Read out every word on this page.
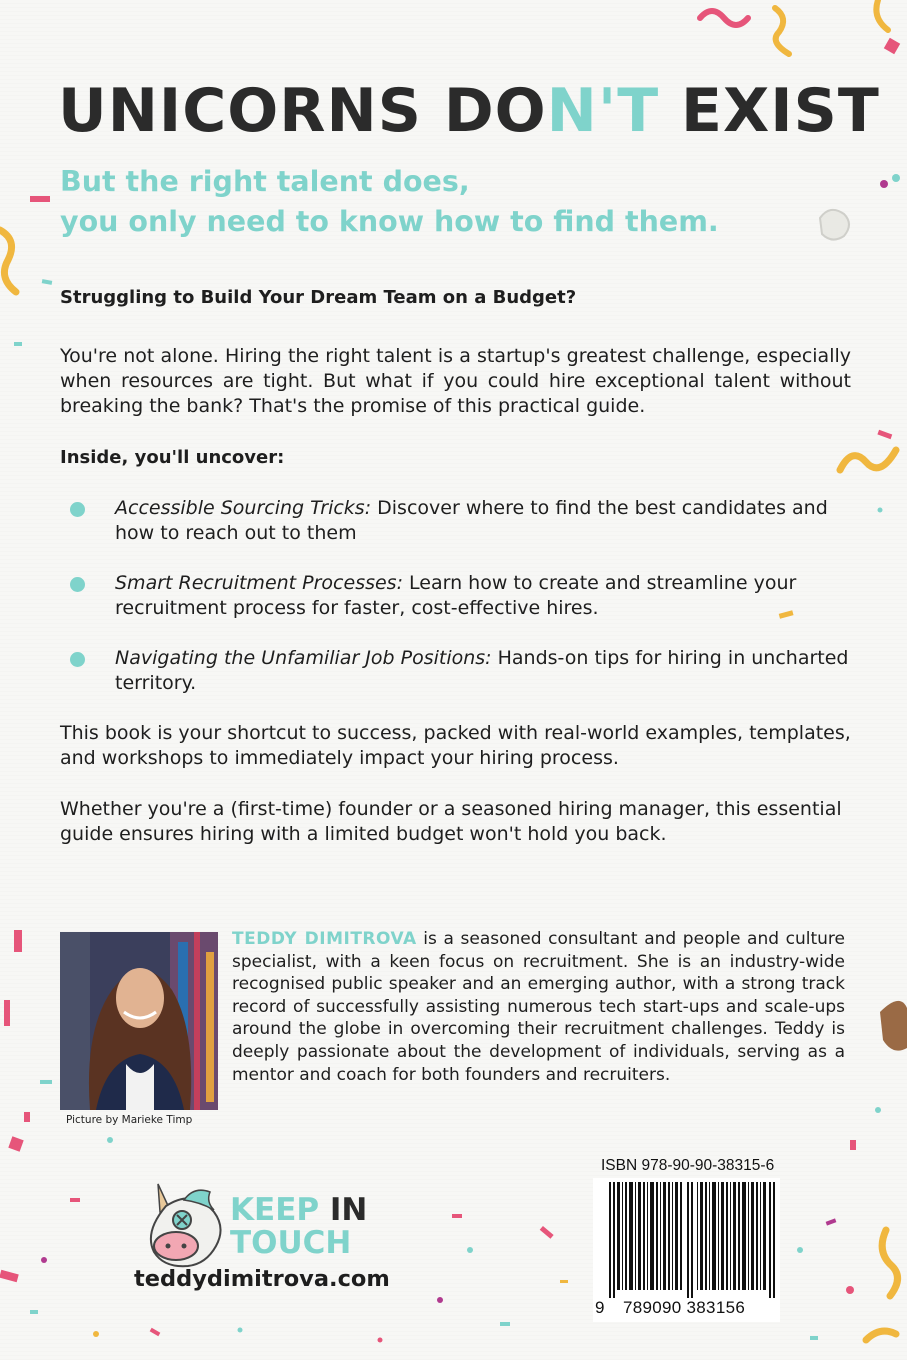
UNICORNS DON'T EXIST
But the right talent does,
you only need to know how to find them.

Struggling to Build Your Dream Team on a Budget?

You're not alone. Hiring the right talent is a startup's greatest challenge, especially when resources are tight. But what if you could hire exceptional talent without breaking the bank? That's the promise of this practical guide.

Inside, you'll uncover:

Accessible Sourcing Tricks: Discover where to find the best candidates and how to reach out to them
Smart Recruitment Processes: Learn how to create and streamline your recruitment process for faster, cost-effective hires.
Navigating the Unfamiliar Job Positions: Hands-on tips for hiring in uncharted territory.

This book is your shortcut to success, packed with real-world examples, templates, and workshops to immediately impact your hiring process.

Whether you're a (first-time) founder or a seasoned hiring manager, this essential guide ensures hiring with a limited budget won't hold you back.

Picture by Marieke Timp

TEDDY DIMITROVA is a seasoned consultant and people and culture specialist, with a keen focus on recruitment. She is an industry-wide recognised public speaker and an emerging author, with a strong track record of successfully assisting numerous tech start-ups and scale-ups around the globe in overcoming their recruitment challenges. Teddy is deeply passionate about the development of individuals, serving as a mentor and coach for both founders and recruiters.

KEEP IN
TOUCH
teddydimitrova.com
ISBN 978-90-90-38315-6
9 789090 383156
